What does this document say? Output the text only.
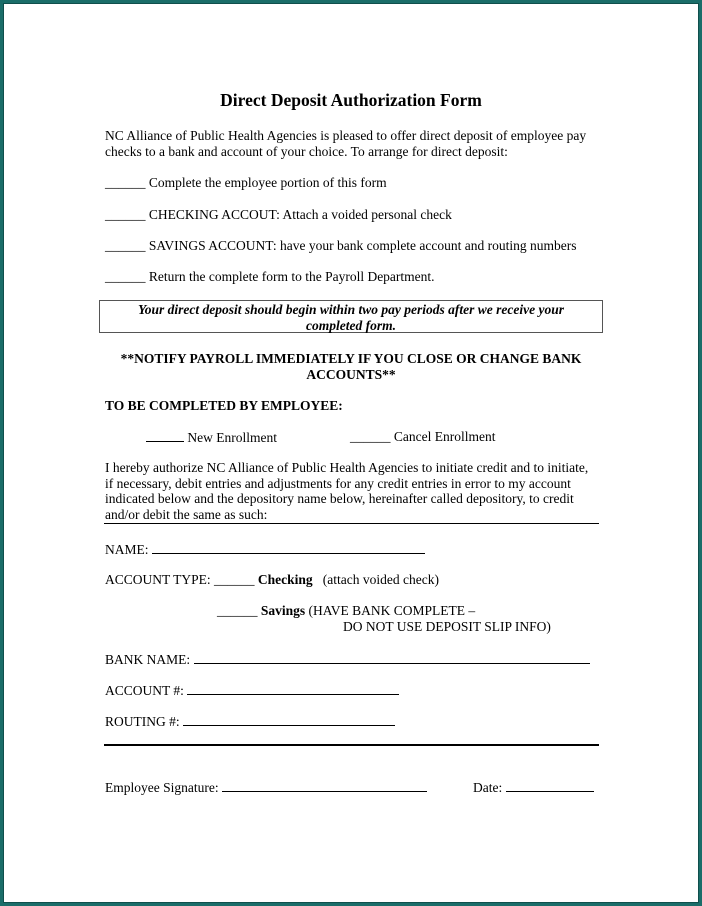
Direct Deposit Authorization Form
NC Alliance of Public Health Agencies is pleased to offer direct deposit of employee pay
checks to a bank and account of your choice. To arrange for direct deposit:
______ Complete the employee portion of this form
______ CHECKING ACCOUT: Attach a voided personal check
______ SAVINGS ACCOUNT: have your bank complete account and routing numbers
______ Return the complete form to the Payroll Department.
Your direct deposit should begin within two pay periods after we receive your
completed form.
**NOTIFY PAYROLL IMMEDIATELY IF YOU CLOSE OR CHANGE BANK
ACCOUNTS**
TO BE COMPLETED BY EMPLOYEE:
New Enrollment	______ Cancel Enrollment
I hereby authorize NC Alliance of Public Health Agencies to initiate credit and to initiate,
if necessary, debit entries and adjustments for any credit entries in error to my account
indicated below and the depository name below, hereinafter called depository, to credit
and/or debit the same as such:
NAME:
ACCOUNT TYPE: ______ Checking (attach voided check)
______ Savings (HAVE BANK COMPLETE –
DO NOT USE DEPOSIT SLIP INFO)
BANK NAME:
ACCOUNT #:
ROUTING #:
Employee Signature:	Date:
